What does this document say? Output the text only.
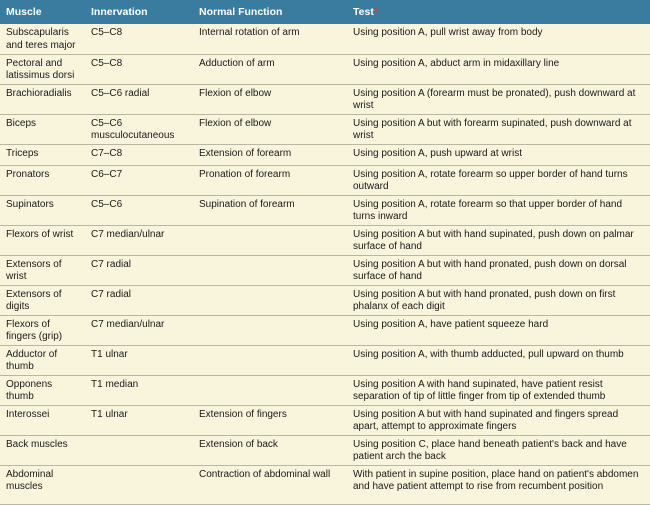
Muscle	Innervation	Normal Function	Test*
Subscapularis and teres major	C5–C8	Internal rotation of arm	Using position A, pull wrist away from body
Pectoral and latissimus dorsi	C5–C8	Adduction of arm	Using position A, abduct arm in midaxillary line
Brachioradialis	C5–C6 radial	Flexion of elbow	Using position A (forearm must be pronated), push downward at wrist
Biceps	C5–C6 musculocutaneous	Flexion of elbow	Using position A but with forearm supinated, push downward at wrist
Triceps	C7–C8	Extension of forearm	Using position A, push upward at wrist
Pronators	C6–C7	Pronation of forearm	Using position A, rotate forearm so upper border of hand turns outward
Supinators	C5–C6	Supination of forearm	Using position A, rotate forearm so that upper border of hand turns inward
Flexors of wrist	C7 median/ulnar		Using position A but with hand supinated, push down on palmar surface of hand
Extensors of wrist	C7 radial		Using position A but with hand pronated, push down on dorsal surface of hand
Extensors of digits	C7 radial		Using position A but with hand pronated, push down on first phalanx of each digit
Flexors of fingers (grip)	C7 median/ulnar		Using position A, have patient squeeze hard
Adductor of thumb	T1 ulnar		Using position A, with thumb adducted, pull upward on thumb
Opponens thumb	T1 median		Using position A with hand supinated, have patient resist separation of tip of little finger from tip of extended thumb
Interossei	T1 ulnar	Extension of fingers	Using position A but with hand supinated and fingers spread apart, attempt to approximate fingers
Back muscles		Extension of back	Using position C, place hand beneath patient's back and have patient arch the back
Abdominal muscles		Contraction of abdominal wall	With patient in supine position, place hand on patient's abdomen and have patient attempt to rise from recumbent position
